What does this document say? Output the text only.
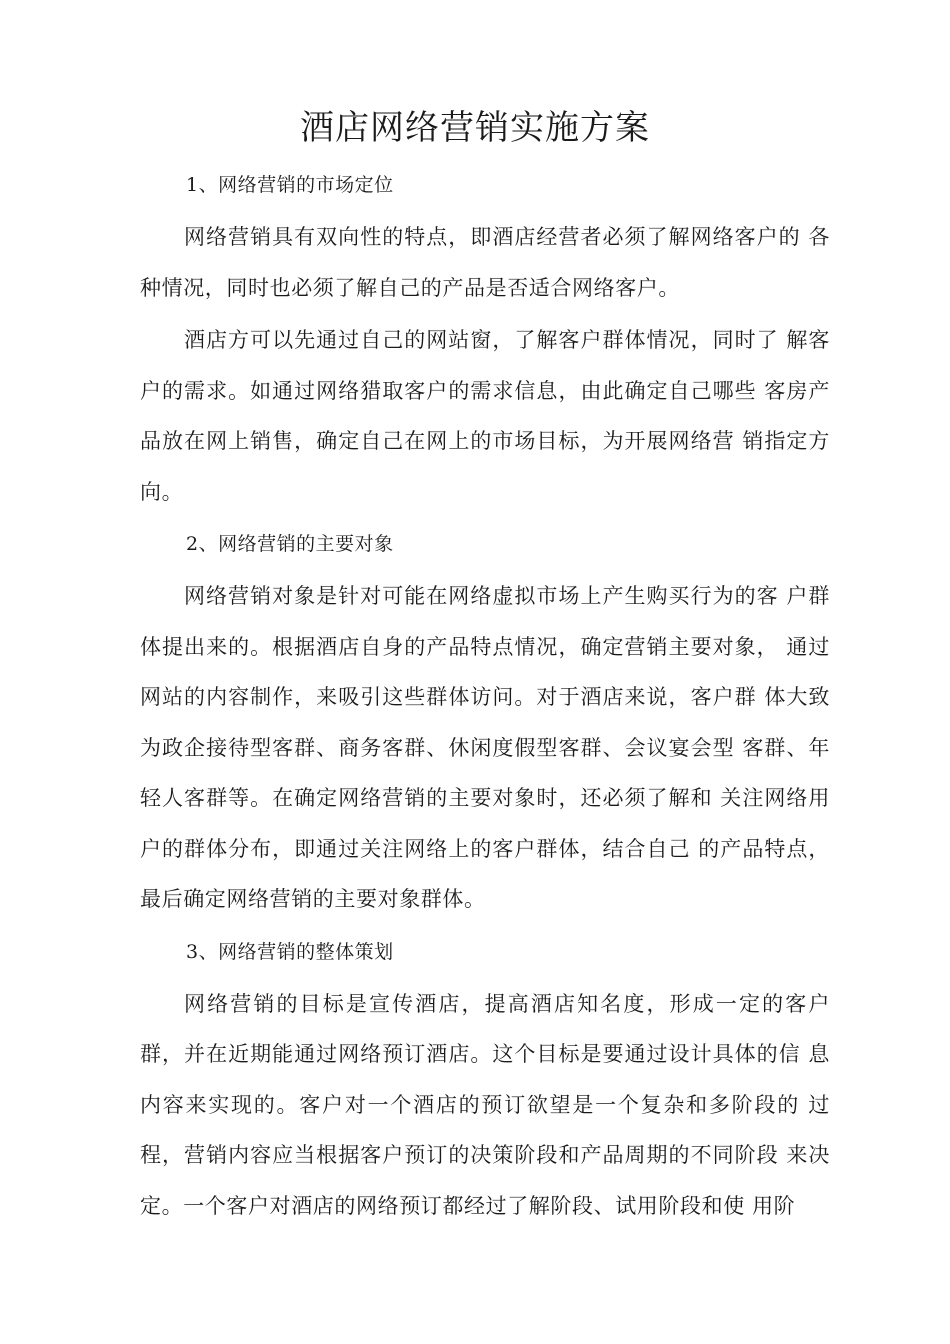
酒店网络营销实施方案
1、网络营销的市场定位

网络营销具有双向性的特点，即酒店经营者必须了解网络客户的 各种情况，同时也必须了解自己的产品是否适合网络客户。

酒店方可以先通过自己的网站窗，了解客户群体情况，同时了 解客户的需求。如通过网络猎取客户的需求信息，由此确定自己哪些 客房产品放在网上销售，确定自己在网上的市场目标，为开展网络营 销指定方向。

2、网络营销的主要对象

网络营销对象是针对可能在网络虚拟市场上产生购买行为的客 户群体提出来的。根据酒店自身的产品特点情况，确定营销主要对象， 通过网站的内容制作，来吸引这些群体访问。对于酒店来说，客户群 体大致为政企接待型客群、商务客群、休闲度假型客群、会议宴会型 客群、年轻人客群等。在确定网络营销的主要对象时，还必须了解和 关注网络用户的群体分布，即通过关注网络上的客户群体，结合自己 的产品特点，最后确定网络营销的主要对象群体。

3、网络营销的整体策划

网络营销的目标是宣传酒店，提高酒店知名度，形成一定的客户群，并在近期能通过网络预订酒店。这个目标是要通过设计具体的信 息内容来实现的。客户对一个酒店的预订欲望是一个复杂和多阶段的 过程，营销内容应当根据客户预订的决策阶段和产品周期的不同阶段 来决定。一个客户对酒店的网络预订都经过了解阶段、试用阶段和使 用阶
